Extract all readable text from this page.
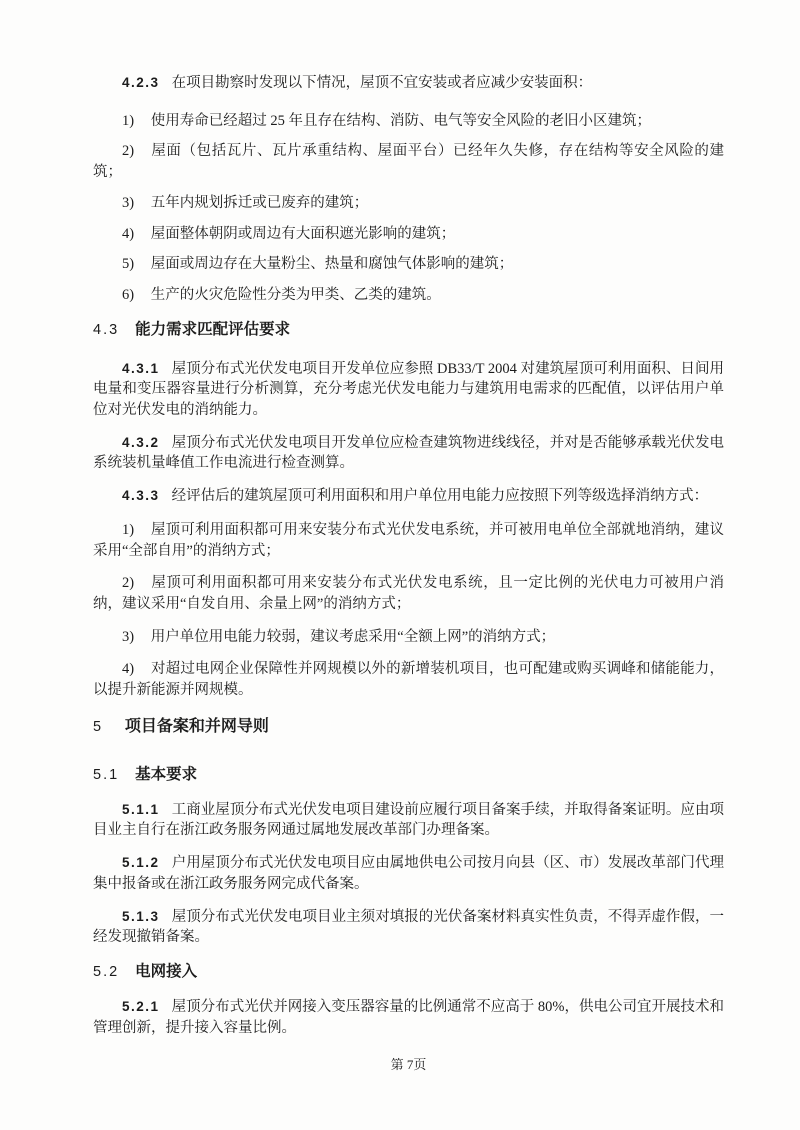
4.2.3 在项目勘察时发现以下情况，屋顶不宜安装或者应减少安装面积：

1) 使用寿命已经超过 25 年且存在结构、消防、电气等安全风险的老旧小区建筑；

2) 屋面（包括瓦片、瓦片承重结构、屋面平台）已经年久失修，存在结构等安全风险的建筑；

3) 五年内规划拆迁或已废弃的建筑；

4) 屋面整体朝阴或周边有大面积遮光影响的建筑；

5) 屋面或周边存在大量粉尘、热量和腐蚀气体影响的建筑；

6) 生产的火灾危险性分类为甲类、乙类的建筑。

4.3 能力需求匹配评估要求

4.3.1 屋顶分布式光伏发电项目开发单位应参照 DB33/T 2004 对建筑屋顶可利用面积、日间用电量和变压器容量进行分析测算，充分考虑光伏发电能力与建筑用电需求的匹配值，以评估用户单位对光伏发电的消纳能力。

4.3.2 屋顶分布式光伏发电项目开发单位应检查建筑物进线线径，并对是否能够承载光伏发电系统装机量峰值工作电流进行检查测算。

4.3.3 经评估后的建筑屋顶可利用面积和用户单位用电能力应按照下列等级选择消纳方式：

1) 屋顶可利用面积都可用来安装分布式光伏发电系统，并可被用电单位全部就地消纳，建议采用“全部自用”的消纳方式；

2) 屋顶可利用面积都可用来安装分布式光伏发电系统，且一定比例的光伏电力可被用户消纳，建议采用“自发自用、余量上网”的消纳方式；

3) 用户单位用电能力较弱，建议考虑采用“全额上网”的消纳方式；

4) 对超过电网企业保障性并网规模以外的新增装机项目，也可配建或购买调峰和储能能力，以提升新能源并网规模。

5 项目备案和并网导则
5.1 基本要求

5.1.1 工商业屋顶分布式光伏发电项目建设前应履行项目备案手续，并取得备案证明。应由项目业主自行在浙江政务服务网通过属地发展改革部门办理备案。

5.1.2 户用屋顶分布式光伏发电项目应由属地供电公司按月向县（区、市）发展改革部门代理集中报备或在浙江政务服务网完成代备案。

5.1.3 屋顶分布式光伏发电项目业主须对填报的光伏备案材料真实性负责，不得弄虚作假，一经发现撤销备案。

5.2 电网接入

5.2.1 屋顶分布式光伏并网接入变压器容量的比例通常不应高于 80%，供电公司宜开展技术和管理创新，提升接入容量比例。

第 7页
